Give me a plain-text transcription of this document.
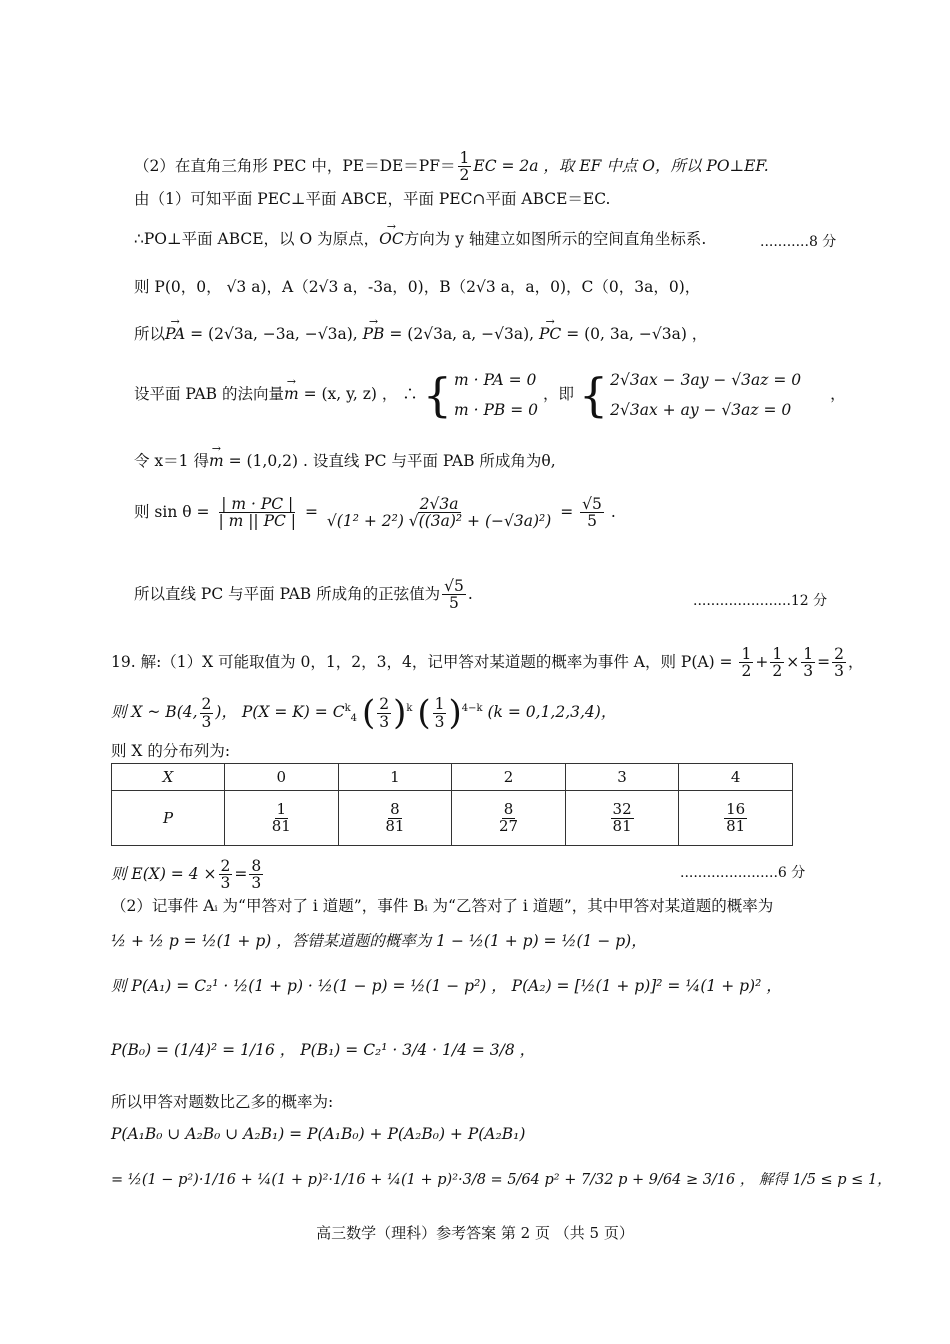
（2）在直角三角形 PEC 中，$PE=DE=PF= \frac{1}{2}$ EC = 2a ，取 EF 中点 O，所以 PO⊥EF.
由（1）可知平面 PEC⊥平面 ABCE，平面 PEC∩平面 ABCE＝EC.
∴PO⊥平面 ABCE，以 O 为原点，→ OC方向为 y 轴建立如图所示的空间直角坐标系.	...........8 分
则 P(0，0， √3 a)，A（2√3 a，-3a，0)，B（2√3 a，a，0)，C（0，3a，0)，
所以→ PA = (2√3a, −3a, −√3a), → PB = (2√3a, a, −√3a), → PC = (0, 3a, −√3a) ，
设平面 PAB 的法向量→ m = (x, y, z) ， ∴ { m · PA = 0
m · PB = 0
，即 { 2√3ax − 3ay − √3az = 0
2√3ax + ay − √3az = 0
，
令 x＝1 得→ m = (1,0,2) . 设直线 PC 与平面 PAB 所成角为θ,
则 $\sin \theta = \frac{| m \cdot PC |}{| m || PC |} = \frac{2√3a}{\text{√(1² + 2²) √((3a)² + (−√3a)²)}} = \frac{√5}{5}$ .
所以直线 PC 与平面 PAB 所成角的正弦值为 $\frac{√5}{5}$ .	......................12 分
19. 解:（1）X 可能取值为 0，1，2，3，4，记甲答对某道题的概率为事件 A，则 $P(A) = \frac{1}{2} + \frac{1}{2} \times \frac{1}{3} = \frac{2}{3}$ ，
则 X ~ B(4, $\frac{2}{3}$ )， $P(X = K) = C^k_4$ ( $\frac{2}{3} )^k$ ( $\frac{1}{3} )^{4-k}$ (k = 0,1,2,3,4)，
则 X 的分布列为:
X	0	1	2	3	4
P	$\frac{1}{81}$	$\frac{8}{81}$	$\frac{8}{27}$	$\frac{32}{81}$	$\frac{16}{81}$
则 $E(X) = 4 \times \frac{2}{3} = \frac{8}{3}$	......................6 分
（2）记事件 Aᵢ 为“甲答对了 i 道题”，事件 Bᵢ 为“乙答对了 i 道题”，其中甲答对某道题的概率为
½ + ½ p = ½(1 + p) ，答错某道题的概率为 1 − ½(1 + p) = ½(1 − p)，
则 P(A₁) = C₂¹ · ½(1 + p) · ½(1 − p) = ½(1 − p²) ， P(A₂) = [½(1 + p)]² = ¼(1 + p)² ，
P(B₀) = (1/4)² = 1/16 ， P(B₁) = C₂¹ · 3/4 · 1/4 = 3/8 ，
所以甲答对题数比乙多的概率为:
P(A₁B₀ ∪ A₂B₀ ∪ A₂B₁) = P(A₁B₀) + P(A₂B₀) + P(A₂B₁)
= ½(1 − p²)·1/16 + ¼(1 + p)²·1/16 + ¼(1 + p)²·3/8 = 5/64 p² + 7/32 p + 9/64 ≥ 3/16 ， 解得 1/5 ≤ p ≤ 1，
高三数学（理科）参考答案 第 2 页 （共 5 页）
